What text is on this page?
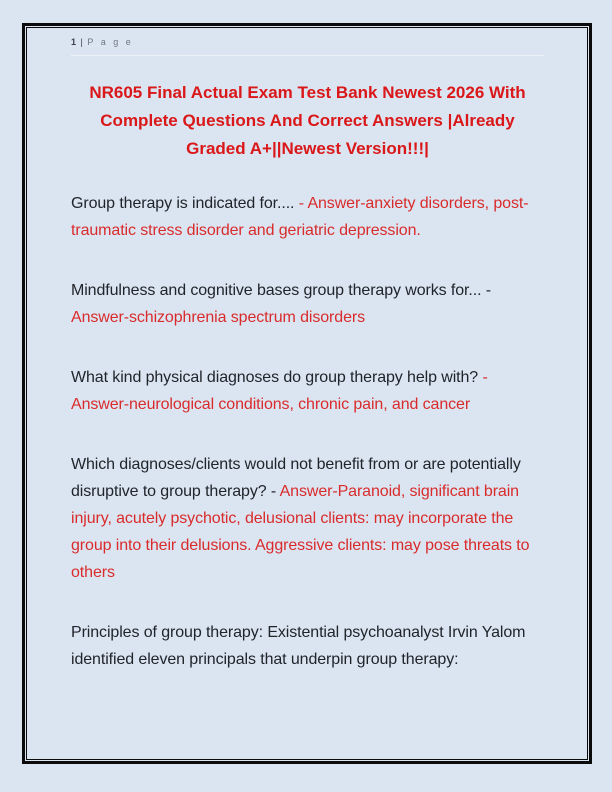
1 | P a g e
NR605 Final Actual Exam Test Bank Newest 2026 With Complete Questions And Correct Answers |Already Graded A+||Newest Version!!!|

Group therapy is indicated for.... - Answer-anxiety disorders, post-traumatic stress disorder and geriatric depression.

Mindfulness and cognitive bases group therapy works for... - Answer-schizophrenia spectrum disorders

What kind physical diagnoses do group therapy help with? - Answer-neurological conditions, chronic pain, and cancer

Which diagnoses/clients would not benefit from or are potentially disruptive to group therapy? - Answer-Paranoid, significant brain injury, acutely psychotic, delusional clients: may incorporate the group into their delusions. Aggressive clients: may pose threats to others

Principles of group therapy: Existential psychoanalyst Irvin Yalom identified eleven principals that underpin group therapy:
